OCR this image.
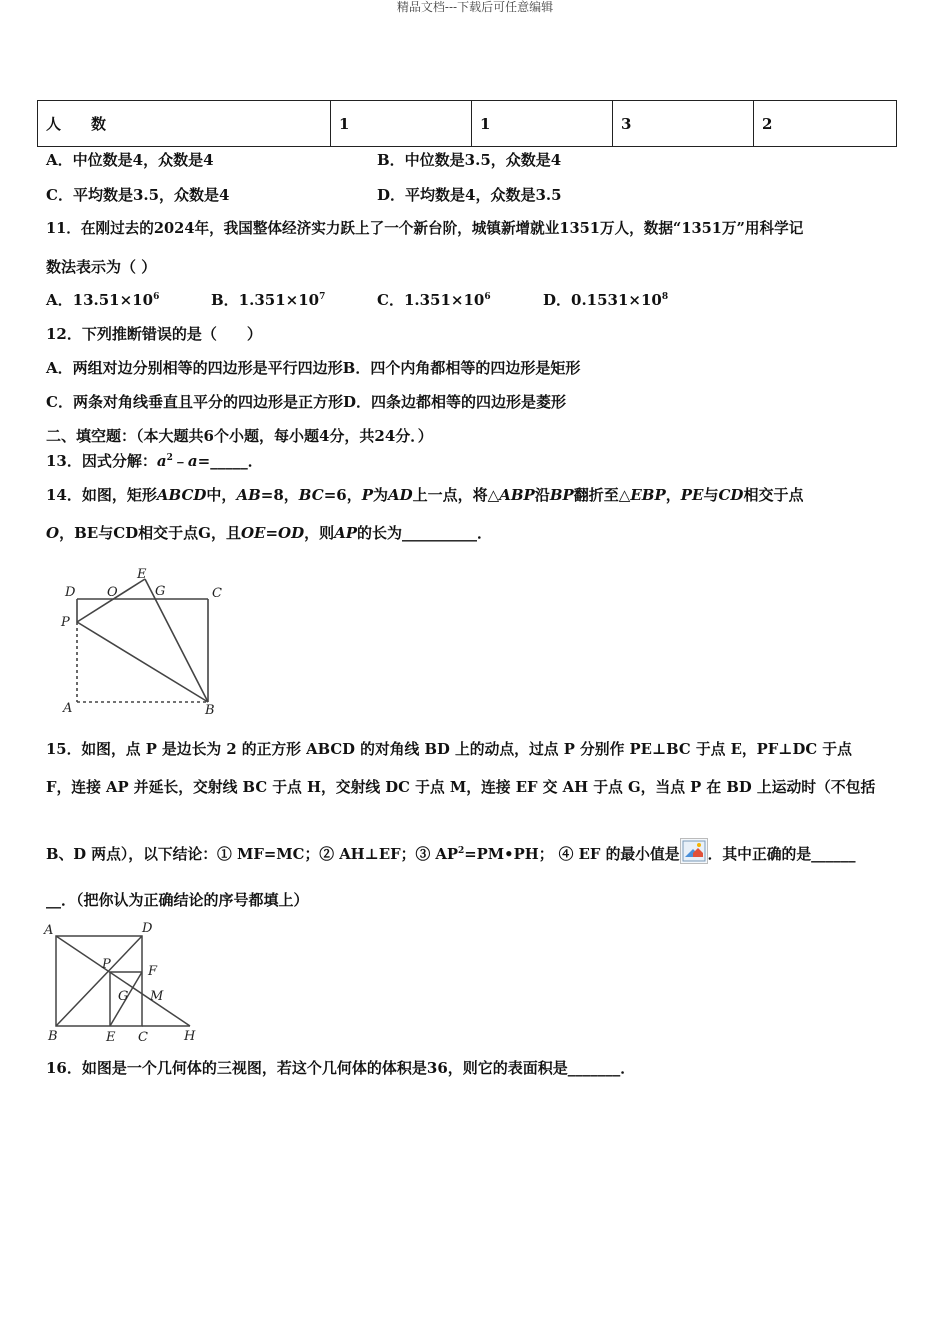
精品文档---下载后可任意编辑
人　　数	1	1	3	2
A．中位数是4，众数是4	B．中位数是3.5，众数是4
C．平均数是3.5，众数是4	D．平均数是4，众数是3.5
11．在刚过去的2024年，我国整体经济实力跃上了一个新台阶，城镇新增就业1351万人，数据“1351万”用科学记
数法表示为（ ）
A．$13.51\times 10^6$	B．$1.351\times 10^7$	C．$1.351\times 10^6$	D．$0.1531\times 10^8$
12．下列推断错误的是（　　）
A．两组对边分别相等的四边形是平行四边形B．四个内角都相等的四边形是矩形
C．两条对角线垂直且平分的四边形是正方形D．四条边都相等的四边形是菱形
二、填空题：（本大题共6个小题，每小题4分，共24分．）
13．因式分解：$a^2﹣a=\_\_\_\_\_$．
14．如图，矩形ABCD中，AB=8，BC=6，P为AD上一点，将△ABP沿BP翻折至△EBP，PE与CD相交于点
O，BE与CD相交于点G，且OE=OD，则AP的长为__________．
D O
E
G	C
P
A	B
15．如图，点 P 是边长为 2 的正方形 ABCD 的对角线 BD 上的动点，过点 P 分别作 PE⊥BC 于点 E，PF⊥DC 于点
F，连接 AP 并延长，交射线 BC 于点 H，交射线 DC 于点 M，连接 EF 交 AH 于点 G，当点 P 在 BD 上运动时（不包括
B、D 两点），以下结论：① MF=MC；② AH⊥EF；③ $AP^2=PM•PH$； ④ EF 的最小值是 ．其中正确的是______
__．（把你认为正确结论的序号都填上）
A	D
P	F
G M
B	E C	H
16．如图是一个几何体的三视图，若这个几何体的体积是36，则它的表面积是_______．
